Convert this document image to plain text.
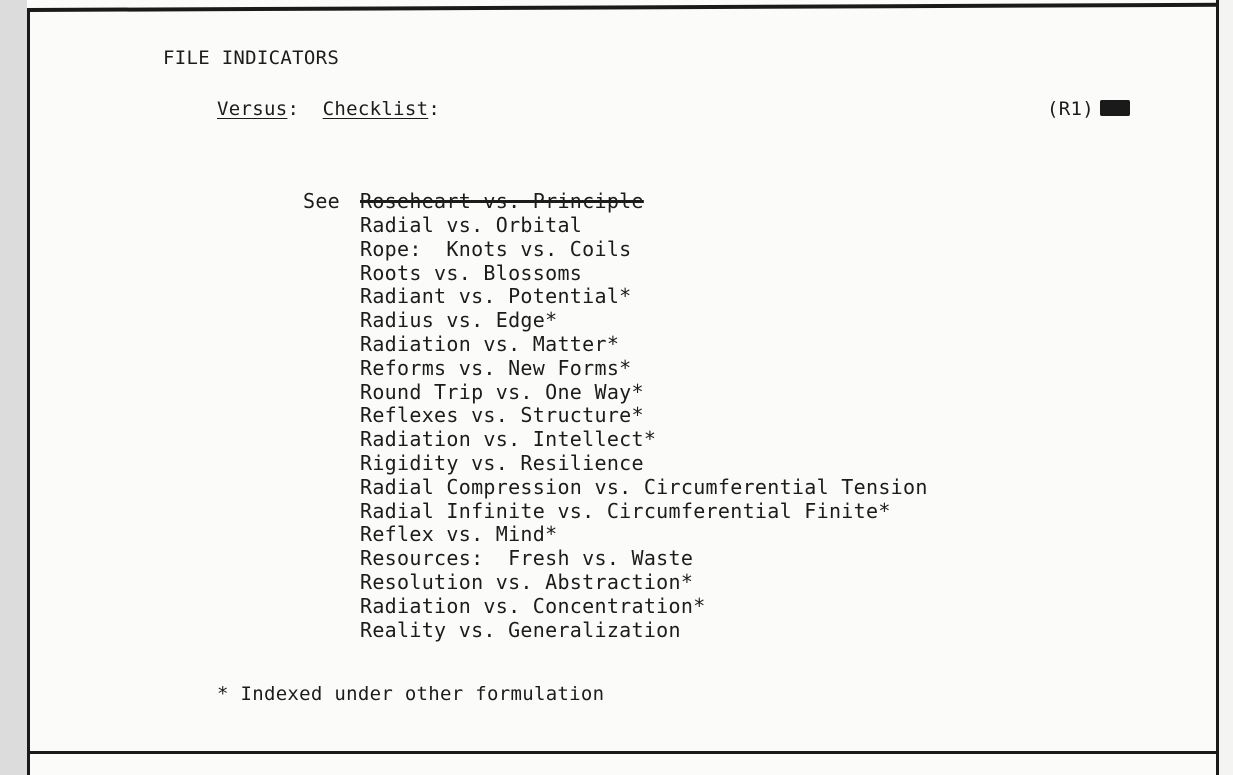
FILE INDICATORS
Versus:  Checklist:	(R1)
See Roseheart vs. Principle
Radial vs. Orbital
Rope:  Knots vs. Coils
Roots vs. Blossoms
Radiant vs. Potential*
Radius vs. Edge*
Radiation vs. Matter*
Reforms vs. New Forms*
Round Trip vs. One Way*
Reflexes vs. Structure*
Radiation vs. Intellect*
Rigidity vs. Resilience
Radial Compression vs. Circumferential Tension
Radial Infinite vs. Circumferential Finite*
Reflex vs. Mind*
Resources:  Fresh vs. Waste
Resolution vs. Abstraction*
Radiation vs. Concentration*
Reality vs. Generalization
* Indexed under other formulation
